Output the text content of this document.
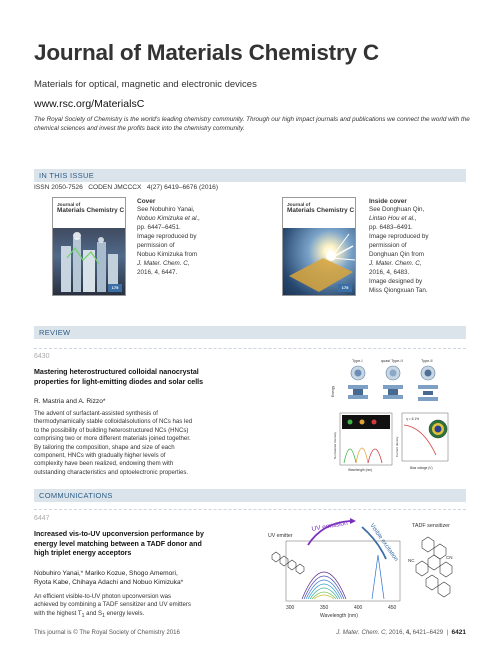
Journal of Materials Chemistry C
Materials for optical, magnetic and electronic devices
www.rsc.org/MaterialsC
The Royal Society of Chemistry is the world's leading chemistry community. Through our high impact journals and publications we connect the world with the chemical sciences and invest the profits back into the chemistry community.
IN THIS ISSUE
ISSN 2050-7526 CODEN JMCCCX 4(27) 6419–6676 (2016)
Journal of
Materials Chemistry C
175
Cover
See Nobuhiro Yanai,
Nobuo Kimizuka et al.,
pp. 6447–6451.
Image reproduced by
permission of
Nobuo Kimizuka from
J. Mater. Chem. C,
2016, 4, 6447.
Journal of
Materials Chemistry C
175
Inside cover
See Donghuan Qin,
Lintao Hou et al.,
pp. 6483–6491.
Image reproduced by
permission of
Donghuan Qin from
J. Mater. Chem. C,
2016, 4, 6483.
Image designed by
Miss Qiongxuan Tan.
REVIEW
6430
Mastering heterostructured colloidal nanocrystal
properties for light-emitting diodes and solar cells
R. Mastria and A. Rizzo*
The advent of surfactant-assisted synthesis of
thermodynamically stable colloidalsolutions of NCs has led
to the possibility of building heterostructured NCs (HNCs)
comprising two or more different materials joined together.
By tailoring the composition, shape and size of each
component, HNCs with gradually higher levels of
complexity have been realized, endowing them with
outstanding characteristics and optoelectronic properties.
Type-I	quasi Type-II	Type-II
Energy
Wavelength (nm)
Normalized intensity
η = 6.1%
Bias voltage (V)
Current density
COMMUNICATIONS
6447
Increased vis-to-UV upconversion performance by
energy level matching between a TADF donor and
high triplet energy acceptors
Nobuhiro Yanai,* Mariko Kozue, Shogo Amemori,
Ryota Kabe, Chihaya Adachi and Nobuo Kimizuka*
An efficient visible-to-UV photon upconversion was
achieved by combining a TADF sensitizer and UV emitters
with the highest $T_1$ and $S_1$ energy levels.
UV emitter
UV emission	Visible excitation
300	350	400	450
Wavelength (nm)
TADF sensitizer
NC
CN
This journal is © The Royal Society of Chemistry 2016	J. Mater. Chem. C, 2016, 4, 6421–6429  |  6421
